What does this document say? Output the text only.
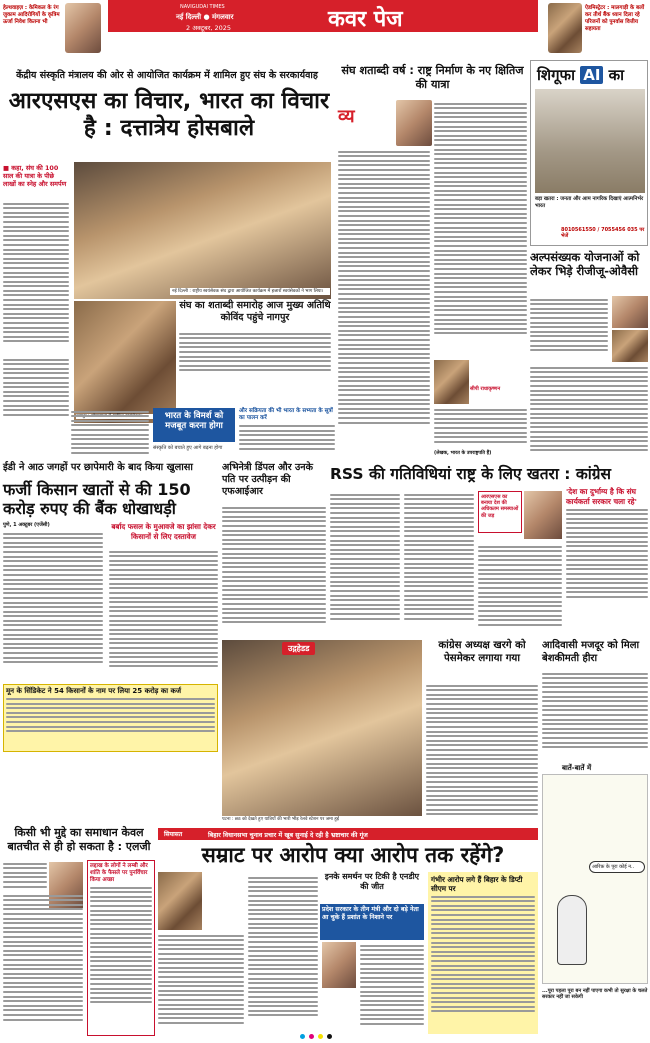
हेल्थवाइज़ : केमिकल के रंग जुकाम आदिरोगियों के कृत्रिम ऊर्जा निवेश कितना भी
NAVIGUDAI TIMES
नई दिल्ली ● मंगलवार
2 अक्टूबर, 2025	कवर पेज	ऐडमिस्ट्रेटर : मालगाड़ी के बलों कर तीर्थ बैंक ध्यान दिला रहे परिजनों को पुनर्वास वित्तीय सहायता
केंद्रीय संस्कृति मंत्रालय की ओर से आयोजित कार्यक्रम में शामिल हुए संघ के सरकार्यवाह
आरएसएस का विचार, भारत का विचार है : दत्तात्रेय होसबाले
■ कहा, संघ की 100 साल की यात्रा के पीछे लाखों का स्नेह और समर्पण
नई दिल्ली : राष्ट्रीय स्वयंसेवक संघ द्वारा आयोजित कार्यक्रम में हजारों स्वयंसेवकों ने भाग लिया।
संघ का शताब्दी समारोह आज मुख्य अतिथि कोविंद पहुंचे नागपुर
भारत के विमर्श को मजबूत करना होगा
संस्कृति को बचाते हुए आगे बढ़ना होगा
और सक्रियता की भी भारत के सभ्यता के सूत्रों का पालन करें
संघ शताब्दी वर्ष : राष्ट्र निर्माण के नए क्षितिज की यात्रा
व्य
सीपी राधाकृष्णन
(लेखक, भारत के उपराष्ट्रपति हैं)
शिगूफा AI का
बड़ा खतरा : जनता और आम नागरिक दिखाएं आत्मनिर्भर भारत
8010561550 / 7055456 035 पर भेजें
अल्पसंख्यक योजनाओं को लेकर भिड़े रीजीजू-ओवैसी
ईडी ने आठ जगहों पर छापेमारी के बाद किया खुलासा
फर्जी किसान खातों से की 150 करोड़ रुपए की बैंक धोखाधड़ी
पुणे, 1 अक्टूबर (एजेंसी)	बर्बाद फसल के मुआवजे का झांसा देकर किसानों से लिए दस्तावेज
मून के सिंडिकेट ने 54 किसानों के नाम पर लिया 25 करोड़ का कर्ज
अभिनेत्री डिंपल और उनके पति पर उत्पीड़न की एफआईआर
RSS की गतिविधियां राष्ट्र के लिए खतरा : कांग्रेस
आरएसएस का बनाया देश की अधिकतम समस्याओं की जड़
'देश का दुर्भाग्य है कि संघ कार्यकर्ता सरकार चला रहे'
उद्गहेडड
पटना : छठ को देखते हुए यात्रियों की भारी भीड़ रेलवे स्टेशन पर जमा हुई
कांग्रेस अध्यक्ष खरगे को पेसमेकर लगाया गया
आदिवासी मजदूर को मिला बेशकीमती हीरा
बातें-बातें में
आरिफ़ के पूरा कोई न..
...पूरा पहला पूरा बन नहीं पाएगा कभी तो सुरक्षा के चलते सरकार नहीं जा सकेगी
किसी भी मुद्दे का समाधान केवल बातचीत से ही हो सकता है : एलजी
लद्दाख के लोगों ने लम्बी और शांति के फैसले पर पुनर्विचार किया अच्छा
सियासत	बिहार विधानसभा चुनाव प्रचार में खूब सुनाई दे रही है भ्रष्टाचार की गूंज
सम्राट पर आरोप क्या आरोप तक रहेंगे?
इनके समर्थन पर टिकी है एनडीए की जीत
प्रदेश सरकार के तीन मंत्री और दो बड़े नेता आ चुके हैं प्रशांत के निशाने पर
गंभीर आरोप लगे हैं बिहार के डिप्टी सीएम पर
